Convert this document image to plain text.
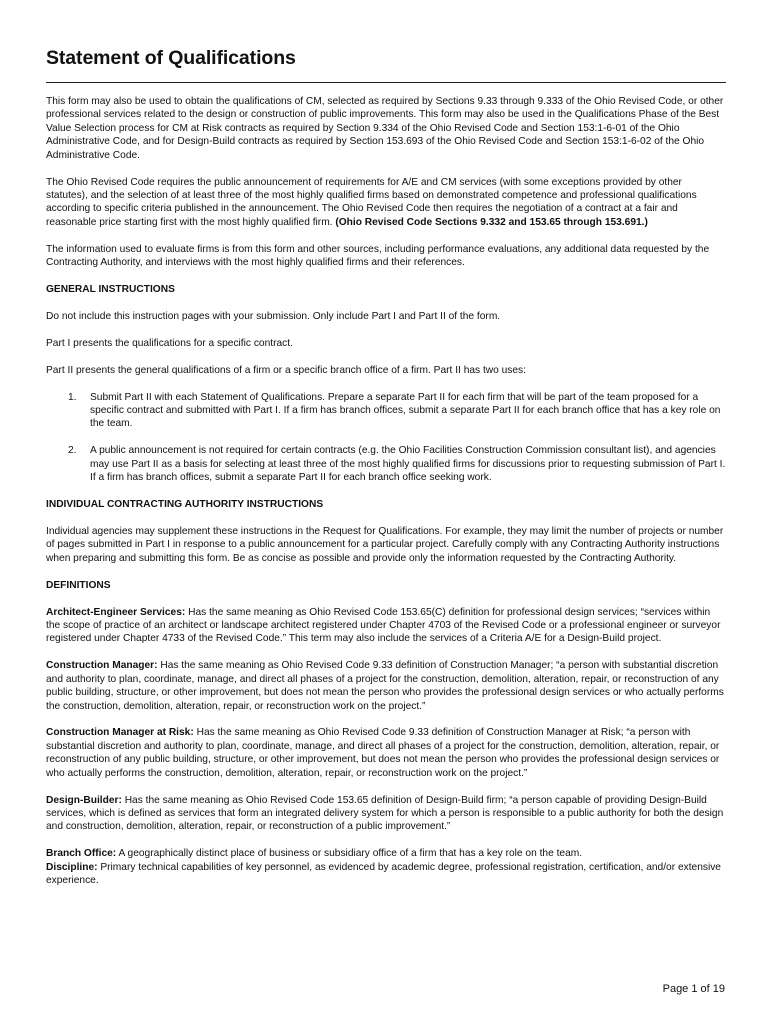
Statement of Qualifications

This form may also be used to obtain the qualifications of CM, selected as required by Sections 9.33 through 9.333 of the Ohio Revised Code, or other professional services related to the design or construction of public improvements. This form may also be used in the Qualifications Phase of the Best Value Selection process for CM at Risk contracts as required by Section 9.334 of the Ohio Revised Code and Section 153:1-6-01 of the Ohio Administrative Code, and for Design-Build contracts as required by Section 153.693 of the Ohio Revised Code and Section 153:1-6-02 of the Ohio Administrative Code.

The Ohio Revised Code requires the public announcement of requirements for A/E and CM services (with some exceptions provided by other statutes), and the selection of at least three of the most highly qualified firms based on demonstrated competence and professional qualifications according to specific criteria published in the announcement. The Ohio Revised Code then requires the negotiation of a contract at a fair and reasonable price starting first with the most highly qualified firm. (Ohio Revised Code Sections 9.332 and 153.65 through 153.691.)

The information used to evaluate firms is from this form and other sources, including performance evaluations, any additional data requested by the Contracting Authority, and interviews with the most highly qualified firms and their references.

GENERAL INSTRUCTIONS

Do not include this instruction pages with your submission. Only include Part I and Part II of the form.

Part I presents the qualifications for a specific contract.

Part II presents the general qualifications of a firm or a specific branch office of a firm. Part II has two uses:

1.	Submit Part II with each Statement of Qualifications. Prepare a separate Part II for each firm that will be part of the team proposed for a specific contract and submitted with Part I. If a firm has branch offices, submit a separate Part II for each branch office that has a key role on the team.
2.	A public announcement is not required for certain contracts (e.g. the Ohio Facilities Construction Commission consultant list), and agencies may use Part II as a basis for selecting at least three of the most highly qualified firms for discussions prior to requesting submission of Part I. If a firm has branch offices, submit a separate Part II for each branch office seeking work.
INDIVIDUAL CONTRACTING AUTHORITY INSTRUCTIONS

Individual agencies may supplement these instructions in the Request for Qualifications. For example, they may limit the number of projects or number of pages submitted in Part I in response to a public announcement for a particular project. Carefully comply with any Contracting Authority instructions when preparing and submitting this form. Be as concise as possible and provide only the information requested by the Contracting Authority.

DEFINITIONS

Architect-Engineer Services: Has the same meaning as Ohio Revised Code 153.65(C) definition for professional design services; “services within the scope of practice of an architect or landscape architect registered under Chapter 4703 of the Revised Code or a professional engineer or surveyor registered under Chapter 4733 of the Revised Code.” This term may also include the services of a Criteria A/E for a Design-Build project.

Construction Manager: Has the same meaning as Ohio Revised Code 9.33 definition of Construction Manager; “a person with substantial discretion and authority to plan, coordinate, manage, and direct all phases of a project for the construction, demolition, alteration, repair, or reconstruction of any public building, structure, or other improvement, but does not mean the person who provides the professional design services or who actually performs the construction, demolition, alteration, repair, or reconstruction work on the project.”

Construction Manager at Risk: Has the same meaning as Ohio Revised Code 9.33 definition of Construction Manager at Risk; “a person with substantial discretion and authority to plan, coordinate, manage, and direct all phases of a project for the construction, demolition, alteration, repair, or reconstruction of any public building, structure, or other improvement, but does not mean the person who provides the professional design services or who actually performs the construction, demolition, alteration, repair, or reconstruction work on the project.”

Design-Builder: Has the same meaning as Ohio Revised Code 153.65 definition of Design-Build firm; “a person capable of providing Design-Build services, which is defined as services that form an integrated delivery system for which a person is responsible to a public authority for both the design and construction, demolition, alteration, repair, or reconstruction of a public improvement.”

Branch Office: A geographically distinct place of business or subsidiary office of a firm that has a key role on the team.

Discipline: Primary technical capabilities of key personnel, as evidenced by academic degree, professional registration, certification, and/or extensive experience.

Page 1 of 19
